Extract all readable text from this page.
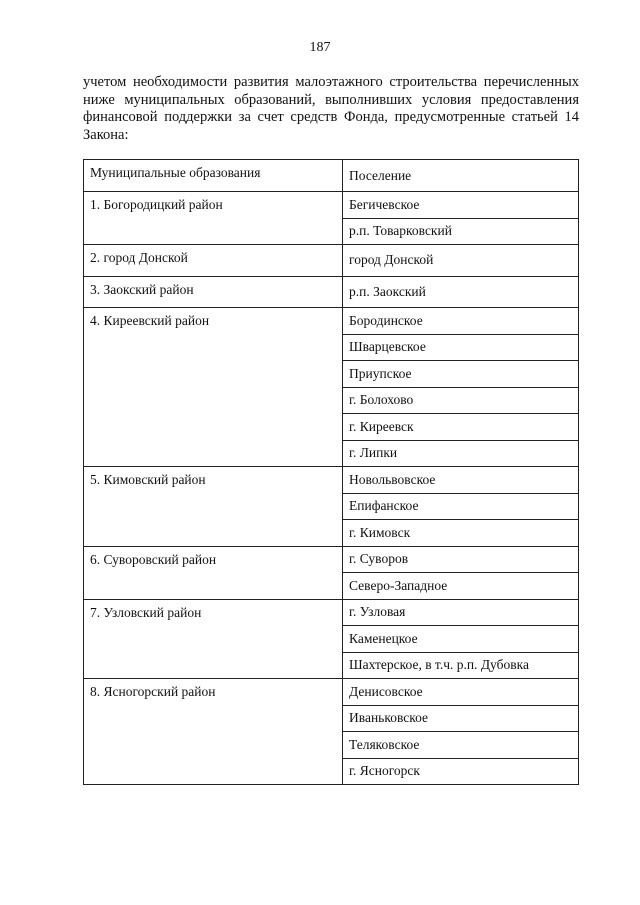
187

учетом необходимости развития малоэтажного строительства перечисленных ниже муниципальных образований, выполнивших условия предоставления финансовой поддержки за счет средств Фонда, предусмотренные статьей 14 Закона:

Муниципальные образования	Поселение
1. Богородицкий район	Бегичевское
	р.п. Товарковский
2. город Донской	город Донской
3. Заокский район	р.п. Заокский
4. Киреевский район	Бородинское
	Шварцевское
	Приупское
	г. Болохово
	г. Киреевск
	г. Липки
5. Кимовский район	Новольвовское
	Епифанское
	г. Кимовск
6. Суворовский район	г. Суворов
	Северо-Западное
7. Узловский район	г. Узловая
	Каменецкое
	Шахтерское, в т.ч. р.п. Дубовка
8. Ясногорский район	Денисовское
	Иваньковское
	Теляковское
	г. Ясногорск
